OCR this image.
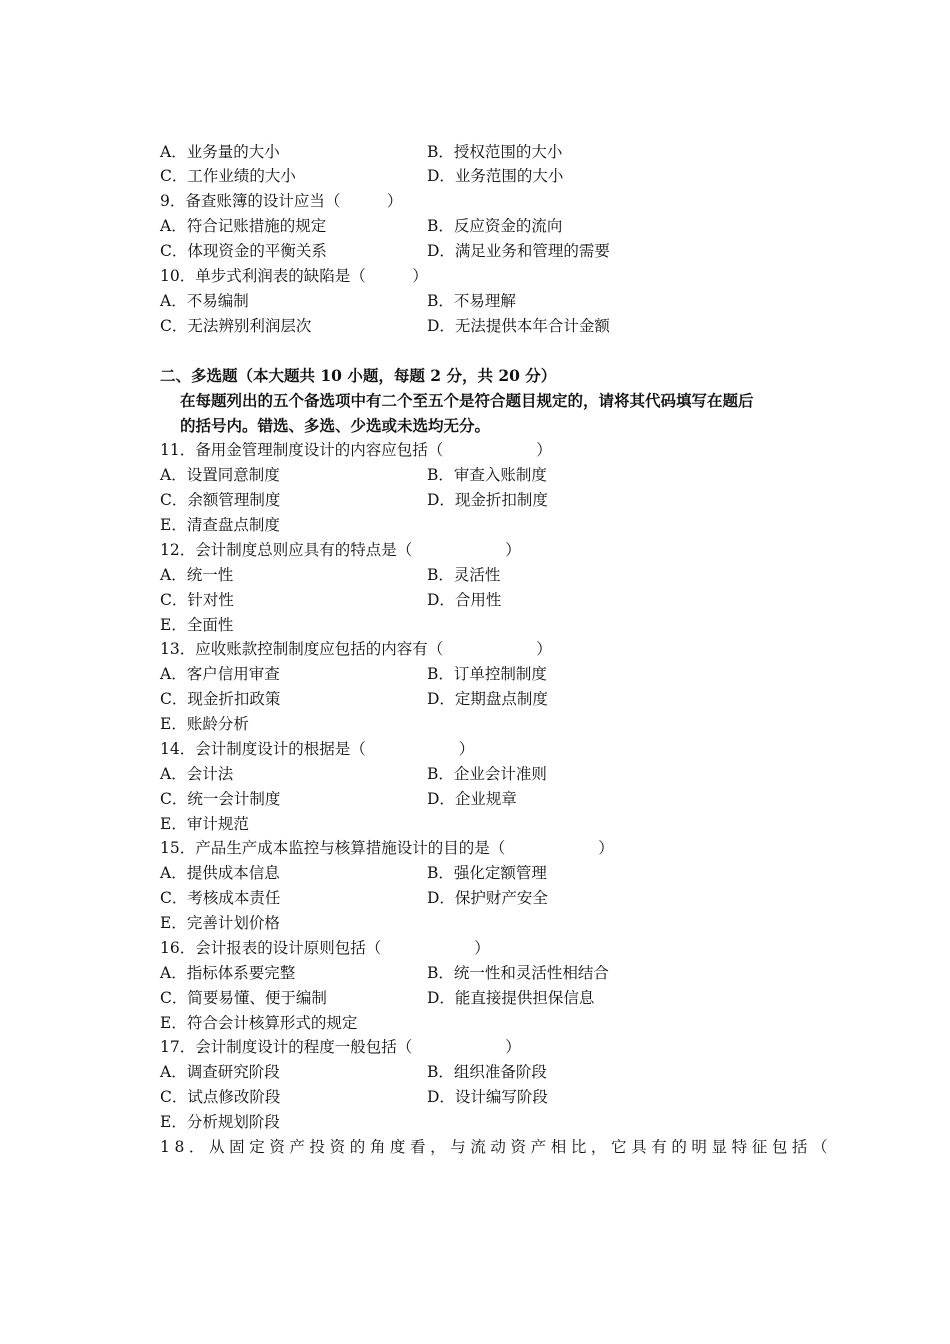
A．业务量的大小	B．授权范围的大小
C．工作业绩的大小	D．业务范围的大小
9．备查账簿的设计应当（　　　）
A．符合记账措施的规定	B．反应资金的流向
C．体现资金的平衡关系	D．满足业务和管理的需要
10．单步式利润表的缺陷是（　　　）
A．不易编制	B．不易理解
C．无法辨别利润层次	D．无法提供本年合计金额
二、多选题（本大题共 10 小题，每题 2 分，共 20 分）
在每题列出的五个备选项中有二个至五个是符合题目规定的，请将其代码填写在题后
的括号内。错选、多选、少选或未选均无分。
11．备用金管理制度设计的内容应包括（　　　　　　）
A．设置同意制度	B．审查入账制度
C．余额管理制度	D．现金折扣制度
E．清查盘点制度
12．会计制度总则应具有的特点是（　　　　　　）
A．统一性	B．灵活性
C．针对性	D．合用性
E．全面性
13．应收账款控制制度应包括的内容有（　　　　　　）
A．客户信用审查	B．订单控制制度
C．现金折扣政策	D．定期盘点制度
E．账龄分析
14．会计制度设计的根据是（　　　　　　）
A．会计法	B．企业会计准则
C．统一会计制度	D．企业规章
E．审计规范
15．产品生产成本监控与核算措施设计的目的是（　　　　　　）
A．提供成本信息	B．强化定额管理
C．考核成本责任	D．保护财产安全
E．完善计划价格
16．会计报表的设计原则包括（　　　　　　）
A．指标体系要完整	B．统一性和灵活性相结合
C．简要易懂、便于编制	D．能直接提供担保信息
E．符合会计核算形式的规定
17．会计制度设计的程度一般包括（　　　　　　）
A．调查研究阶段	B．组织准备阶段
C．试点修改阶段	D．设计编写阶段
E．分析规划阶段
18．从固定资产投资的角度看，与流动资产相比，它具有的明显特征包括（
